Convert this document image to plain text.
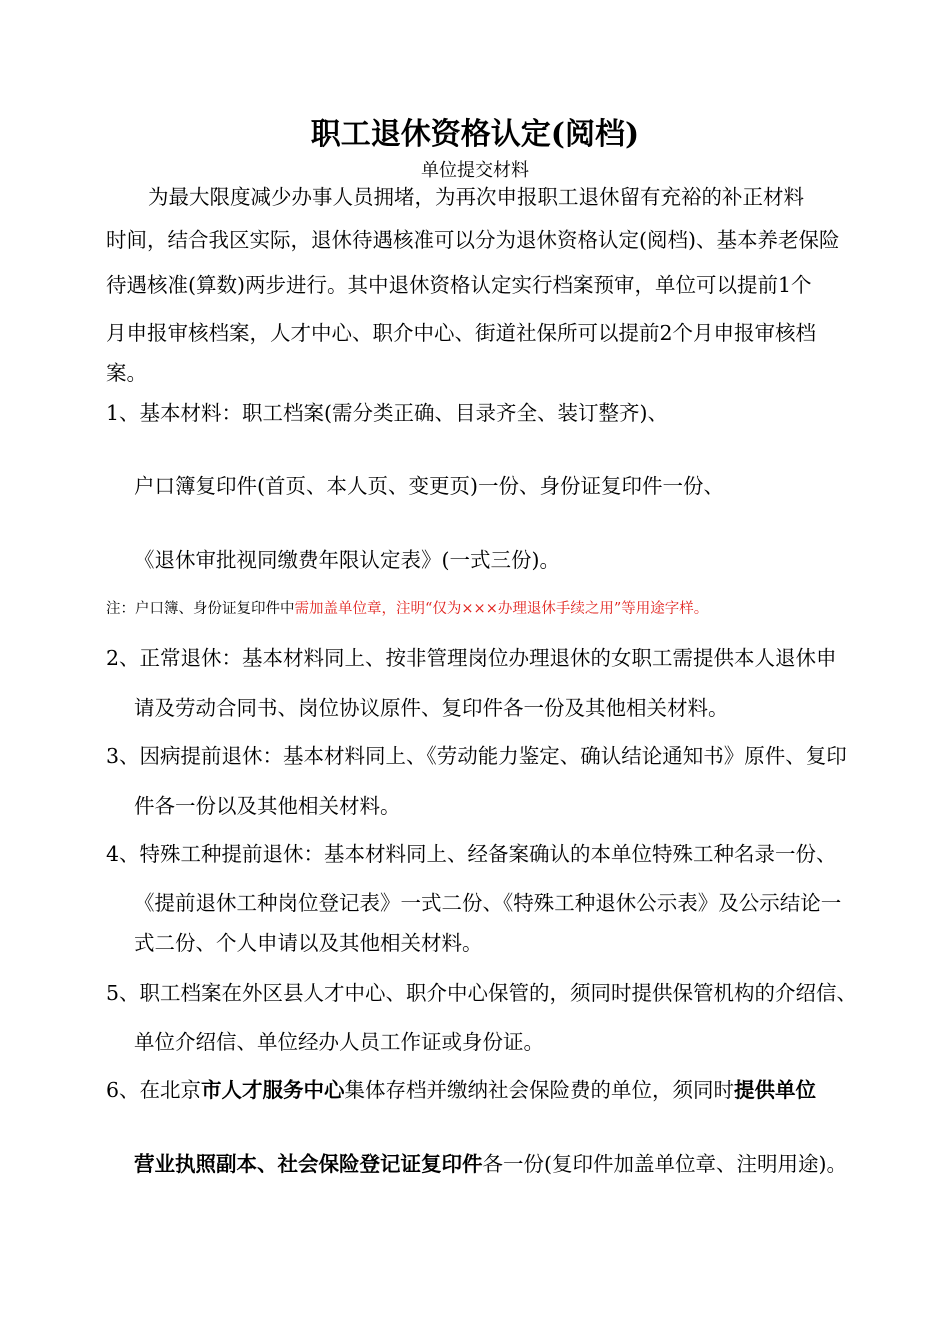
职工退休资格认定(阅档)
单位提交材料
为最大限度减少办事人员拥堵，为再次申报职工退休留有充裕的补正材料
时间，结合我区实际，退休待遇核准可以分为退休资格认定(阅档)、基本养老保险
待遇核准(算数)两步进行。其中退休资格认定实行档案预审，单位可以提前1个
月申报审核档案，人才中心、职介中心、街道社保所可以提前2个月申报审核档
案。
1、基本材料：职工档案(需分类正确、目录齐全、装订整齐)、
户口簿复印件(首页、本人页、变更页)一份、身份证复印件一份、
《退休审批视同缴费年限认定表》(一式三份)。
注：户口簿、身份证复印件中需加盖单位章，注明“仅为×××办理退休手续之用”等用途字样。
2、正常退休：基本材料同上、按非管理岗位办理退休的女职工需提供本人退休申
请及劳动合同书、岗位协议原件、复印件各一份及其他相关材料。
3、因病提前退休：基本材料同上、《劳动能力鉴定、确认结论通知书》原件、复印
件各一份以及其他相关材料。
4、特殊工种提前退休：基本材料同上、经备案确认的本单位特殊工种名录一份、
《提前退休工种岗位登记表》一式二份、《特殊工种退休公示表》及公示结论一
式二份、个人申请以及其他相关材料。
5、职工档案在外区县人才中心、职介中心保管的，须同时提供保管机构的介绍信、
单位介绍信、单位经办人员工作证或身份证。
6、在北京市人才服务中心集体存档并缴纳社会保险费的单位，须同时提供单位
营业执照副本、社会保险登记证复印件各一份(复印件加盖单位章、注明用途)。
